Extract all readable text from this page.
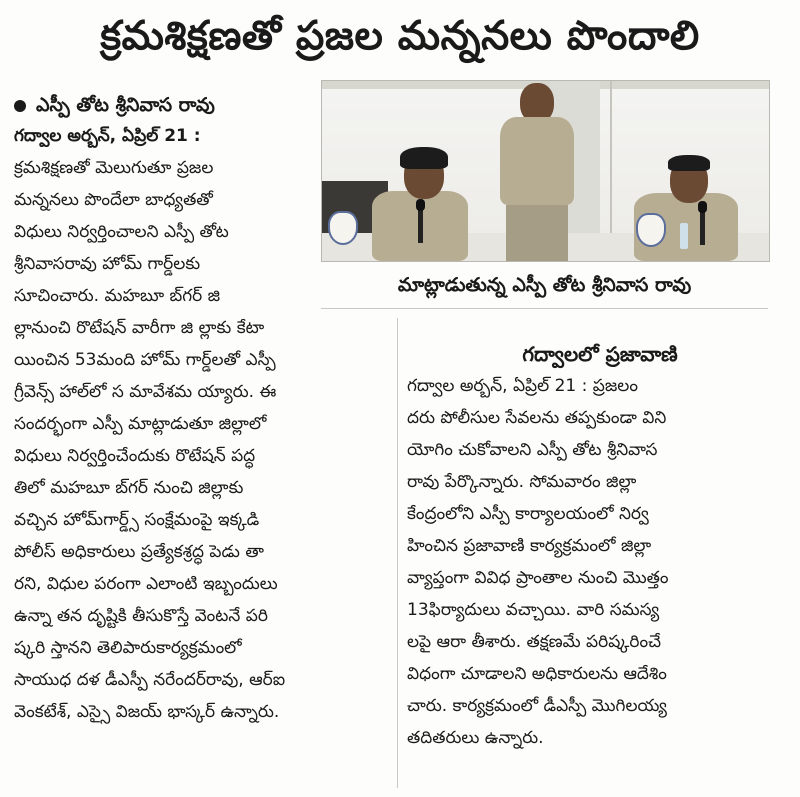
క్రమశిక్షణతో ప్రజల మన్ననలు పొందాలి
ఎస్పీ తోట శ్రీనివాస రావు
గద్వాల అర్బన్, ఏప్రిల్ 21 :
క్రమశిక్షణతో మెలుగుతూ ప్రజల
మన్ననలు పొందేలా బాధ్యతతో
విధులు నిర్వర్తించాలని ఎస్పీ తోట
శ్రీనివాసరావు హోమ్ గార్డ్‌లకు
సూచించారు. మహబూ బ్‌గర్ జి
ల్లానుంచి రొటేషన్ వారీగా జి ల్లాకు కేటా
యించిన 53మంది హోమ్ గార్డ్‌లతో ఎస్పీ
గ్రీవెన్స్ హాల్‌లో స మావేశమ య్యారు. ఈ
సందర్భంగా ఎస్పీ మాట్లాడుతూ జిల్లాలో
విధులు నిర్వర్తించేందుకు రొటేషన్ పద్ధ
తిలో మహబూ బ్‌గర్ నుంచి జిల్లాకు
వచ్చిన హోమ్‌గార్డ్స్ సంక్షేమంపై ఇక్కడి
పోలీస్ అధికారులు ప్రత్యేకశ్రద్ధ పెడు తా
రని, విధుల పరంగా ఎలాంటి ఇబ్బందులు
ఉన్నా తన దృష్టికి తీసుకొస్తే వెంటనే పరి
ష్కరి స్తానని తెలిపారుకార్యక్రమంలో
సాయుధ దళ డీఎస్పీ నరేందర్‌రావు, ఆర్ఐ
వెంకటేశ్, ఎస్సై విజయ్ భాస్కర్ ఉన్నారు.
మాట్లాడుతున్న ఎస్పీ తోట శ్రీనివాస రావు
గద్వాలలో ప్రజావాణి
గద్వాల అర్బన్, ఏప్రిల్ 21 : ప్రజలం
దరు పోలీసుల సేవలను తప్పకుండా విని
యోగిం చుకోవాలని ఎస్పీ తోట శ్రీనివాస
రావు పేర్కొన్నారు. సోమవారం జిల్లా
కేంద్రంలోని ఎస్పీ కార్యాలయంలో నిర్వ
హించిన ప్రజావాణి కార్యక్రమంలో జిల్లా
వ్యాప్తంగా వివిధ ప్రాంతాల నుంచి మొత్తం
13ఫిర్యాదులు వచ్చాయి. వారి సమస్య
లపై ఆరా తీశారు. తక్షణమే పరిష్కరించే
విధంగా చూడాలని అధికారులను ఆదేశిం
చారు. కార్యక్రమంలో డీఎస్పీ మొగిలయ్య
తదితరులు ఉన్నారు.
